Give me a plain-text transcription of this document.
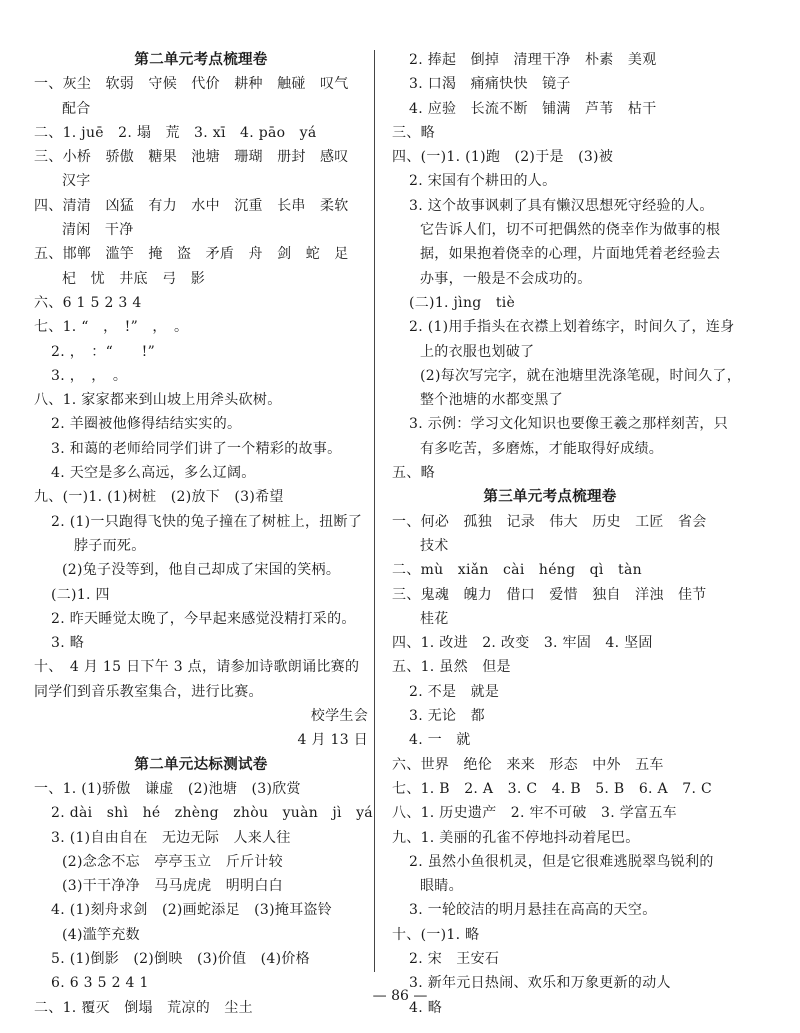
第二单元考点梳理卷
一、灰尘　软弱　守候　代价　耕种　触碰　叹气
配合
二、1. juē　2. 塌　荒　3. xī　4. pāo　yá
三、小桥　骄傲　糖果　池塘　珊瑚　册封　感叹
汉字
四、清清　凶猛　有力　水中　沉重　长串　柔软
清闲　干净
五、邯郸　滥竽　掩　盗　矛盾　舟　剑　蛇　足
杞　忧　井底　弓　影
六、6 1 5 2 3 4
七、1. “　，　!”　，　。
2. ，　：“　　!”
3. ，　，　。
八、1. 家家都来到山坡上用斧头砍树。
2. 羊圈被他修得结结实实的。
3. 和蔼的老师给同学们讲了一个精彩的故事。
4. 天空是多么高远，多么辽阔。
九、(一)1. (1)树桩　(2)放下　(3)希望
2. (1)一只跑得飞快的兔子撞在了树桩上，扭断了
脖子而死。
(2)兔子没等到，他自己却成了宋国的笑柄。
(二)1. 四
2. 昨天睡觉太晚了，今早起来感觉没精打采的。
3. 略
十、　4 月 15 日下午 3 点，请参加诗歌朗诵比赛的
同学们到音乐教室集合，进行比赛。
校学生会
4 月 13 日
第二单元达标测试卷
一、1. (1)骄傲　谦虚　(2)池塘　(3)欣赏
2. dài　shì　hé　zhèng　zhòu　yuàn　jì　yá
3. (1)自由自在　无边无际　人来人往
(2)念念不忘　亭亭玉立　斤斤计较
(3)干干净净　马马虎虎　明明白白
4. (1)刻舟求剑　(2)画蛇添足　(3)掩耳盗铃
(4)滥竽充数
5. (1)倒影　(2)倒映　(3)价值　(4)价格
6. 6 3 5 2 4 1
二、1. 覆灭　倒塌　荒凉的　尘土
2. 捧起　倒掉　清理干净　朴素　美观
3. 口渴　痛痛快快　镜子
4. 应验　长流不断　铺满　芦苇　枯干
三、略
四、(一)1. (1)跑　(2)于是　(3)被
2. 宋国有个耕田的人。
3. 这个故事讽刺了具有懒汉思想死守经验的人。
它告诉人们，切不可把偶然的侥幸作为做事的根
据，如果抱着侥幸的心理，片面地凭着老经验去
办事，一般是不会成功的。
(二)1. jìng　tiè
2. (1)用手指头在衣襟上划着练字，时间久了，连身
上的衣服也划破了
(2)每次写完字，就在池塘里洗涤笔砚，时间久了，
整个池塘的水都变黑了
3. 示例：学习文化知识也要像王羲之那样刻苦，只
有多吃苦，多磨炼，才能取得好成绩。
五、略
第三单元考点梳理卷
一、何必　孤独　记录　伟大　历史　工匠　省会
技术
二、mù　xiǎn　cài　héng　qì　tàn
三、鬼魂　魄力　借口　爱惜　独自　洋浊　佳节
桂花
四、1. 改进　2. 改变　3. 牢固　4. 坚固
五、1. 虽然　但是
2. 不是　就是
3. 无论　都
4. 一　就
六、世界　绝伦　来来　形态　中外　五车
七、1. B　2. A　3. C　4. B　5. B　6. A　7. C
八、1. 历史遗产　2. 牢不可破　3. 学富五车
九、1. 美丽的孔雀不停地抖动着尾巴。
2. 虽然小鱼很机灵，但是它很难逃脱翠鸟锐利的
眼睛。
3. 一轮皎洁的明月悬挂在高高的天空。
十、(一)1. 略
2. 宋　王安石
3. 新年元日热闹、欢乐和万象更新的动人
4. 略
— 86 —
